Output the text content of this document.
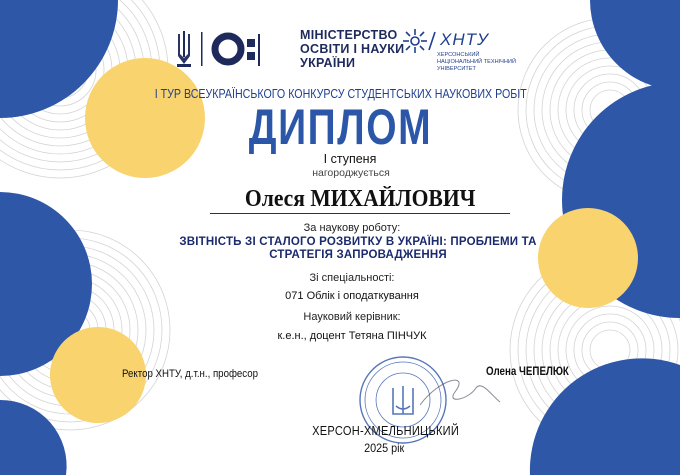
МІНІСТЕРСТВО
ОСВІТИ І НАУКИ
УКРАЇНИ
ХНТУ
ХЕРСОНСЬКИЙ
НАЦІОНАЛЬНИЙ ТЕХНІЧНИЙ
УНІВЕРСИТЕТ
І ТУР ВСЕУКРАЇНСЬКОГО КОНКУРСУ СТУДЕНТСЬКИХ НАУКОВИХ РОБІТ
ДИПЛОМ
I ступеня
нагороджується
Олеся МИХАЙЛОВИЧ
За наукову роботу:
ЗВІТНІСТЬ ЗІ СТАЛОГО РОЗВИТКУ В УКРАЇНІ: ПРОБЛЕМИ ТА
СТРАТЕГІЯ ЗАПРОВАДЖЕННЯ
Зі спеціальності:
071 Облік і оподаткування
Науковий керівник:
к.е.н., доцент Тетяна ПІНЧУК
Ректор ХНТУ, д.т.н., професор	Олена ЧЕПЕЛЮК
ХЕРСОН-ХМЕЛЬНИЦЬКИЙ
2025 рік
